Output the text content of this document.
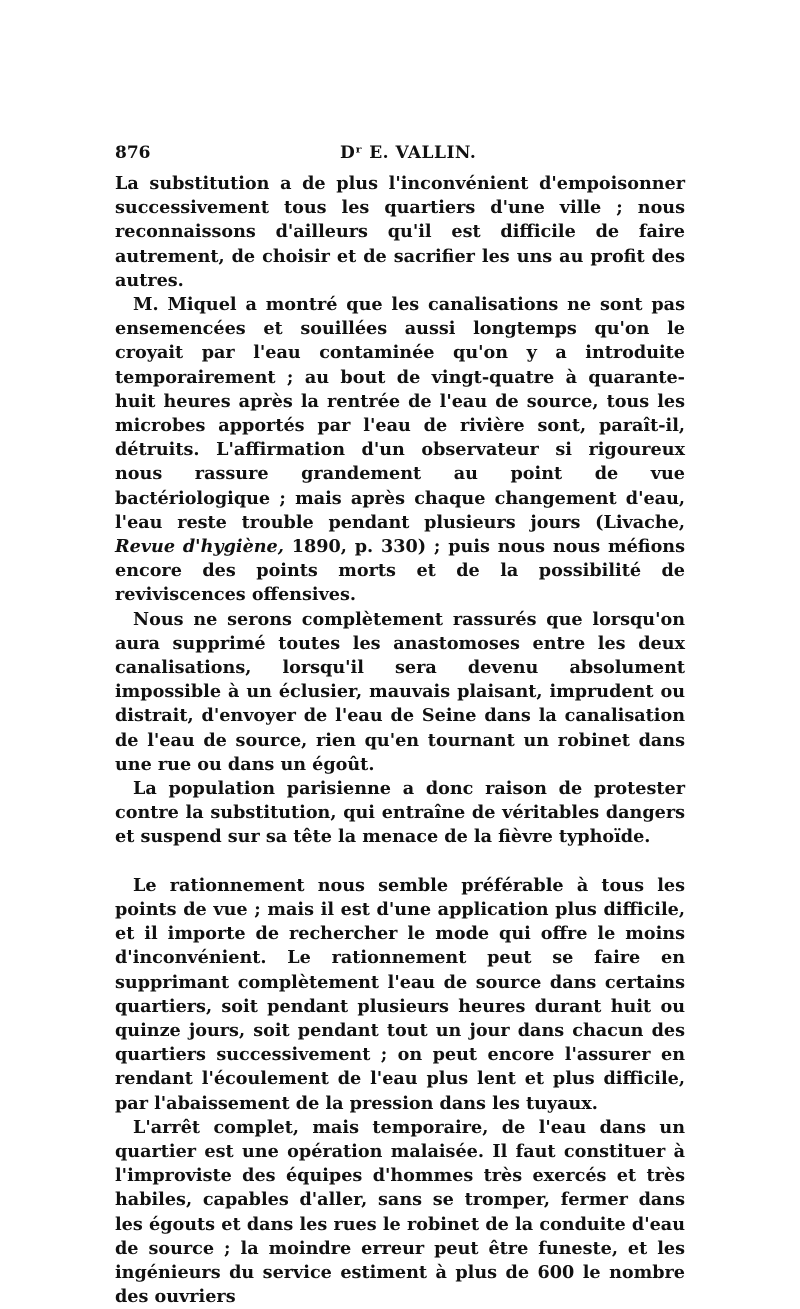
876	Dʳ E. VALLIN.

La substitution a de plus l'inconvénient d'empoisonner successivement tous les quartiers d'une ville ; nous reconnaissons d'ailleurs qu'il est difficile de faire autrement, de choisir et de sacrifier les uns au profit des autres.

M. Miquel a montré que les canalisations ne sont pas ensemencées et souillées aussi longtemps qu'on le croyait par l'eau contaminée qu'on y a introduite temporairement ; au bout de vingt-quatre à quarante-huit heures après la rentrée de l'eau de source, tous les microbes apportés par l'eau de rivière sont, paraît-il, détruits. L'affirmation d'un observateur si rigoureux nous rassure grandement au point de vue bactériologique ; mais après chaque changement d'eau, l'eau reste trouble pendant plusieurs jours (Livache, Revue d'hygiène, 1890, p. 330) ; puis nous nous méfions encore des points morts et de la possibilité de reviviscences offensives.

Nous ne serons complètement rassurés que lorsqu'on aura supprimé toutes les anastomoses entre les deux canalisations, lorsqu'il sera devenu absolument impossible à un éclusier, mauvais plaisant, imprudent ou distrait, d'envoyer de l'eau de Seine dans la canalisation de l'eau de source, rien qu'en tournant un robinet dans une rue ou dans un égoût.

La population parisienne a donc raison de protester contre la substitution, qui entraîne de véritables dangers et suspend sur sa tête la menace de la fièvre typhoïde.

Le rationnement nous semble préférable à tous les points de vue ; mais il est d'une application plus difficile, et il importe de rechercher le mode qui offre le moins d'inconvénient. Le rationnement peut se faire en supprimant complètement l'eau de source dans certains quartiers, soit pendant plusieurs heures durant huit ou quinze jours, soit pendant tout un jour dans chacun des quartiers successivement ; on peut encore l'assurer en rendant l'écoulement de l'eau plus lent et plus difficile, par l'abaissement de la pression dans les tuyaux.

L'arrêt complet, mais temporaire, de l'eau dans un quartier est une opération malaisée. Il faut constituer à l'improviste des équipes d'hommes très exercés et très habiles, capables d'aller, sans se tromper, fermer dans les égouts et dans les rues le robinet de la conduite d'eau de source ; la moindre erreur peut être funeste, et les ingénieurs du service estiment à plus de 600 le nombre des ouvriers
